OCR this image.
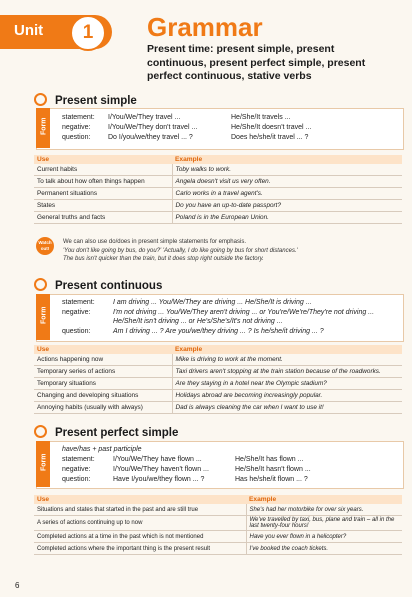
Unit	1	Grammar
Present time: present simple, present continuous, present perfect simple, present perfect continuous, stative verbs
Present simple
Form statement: I/You/We/They travel ...	He/She/It travels ...
negative:	I/You/We/They don't travel ...	He/She/It doesn't travel ...
question:	Do I/you/we/they travel ... ?	Does he/she/it travel ... ?
Use	Example
Current habits	Toby walks to work.
To talk about how often things happen	Angela doesn't visit us very often.
Permanent situations	Carlo works in a travel agent's.
States	Do you have an up-to-date passport?
General truths and facts	Poland is in the European Union.
Watch
out!
We can also use do/does in present simple statements for emphasis.
'You don't like going by bus, do you?' 'Actually, I do like going by bus for short distances.'
The bus isn't quicker than the train, but it does stop right outside the factory.
Present continuous
Form
statement:	I am driving ... You/We/They are driving ... He/She/It is driving ...
negative:	I'm not driving ... You/We/They aren't driving ... or You're/We're/They're not driving ...
He/She/It isn't driving ... or He's/She's/It's not driving ...
question:	Am I driving ... ? Are you/we/they driving ... ? Is he/she/it driving ... ?
Use	Example
Actions happening now	Mike is driving to work at the moment.
Temporary series of actions	Taxi drivers aren't stopping at the train station because of the roadworks.
Temporary situations	Are they staying in a hotel near the Olympic stadium?
Changing and developing situations	Holidays abroad are becoming increasingly popular.
Annoying habits (usually with always)	Dad is always cleaning the car when I want to use it!
Present perfect simple
Form
have/has + past participle
statement:	I/You/We/They have flown ...	He/She/It has flown ...
negative:	I/You/We/They haven't flown ...	He/She/It hasn't flown ...
question:	Have I/you/we/they flown ... ?	Has he/she/it flown ... ?
Use	Example
Situations and states that started in the past and are still true	She's had her motorbike for over six years.
A series of actions continuing up to now	We've travelled by taxi, bus, plane and train – all in the last twenty-four hours!
Completed actions at a time in the past which is not mentioned	Have you ever flown in a helicopter?
Completed actions where the important thing is the present result	I've booked the coach tickets.
6
